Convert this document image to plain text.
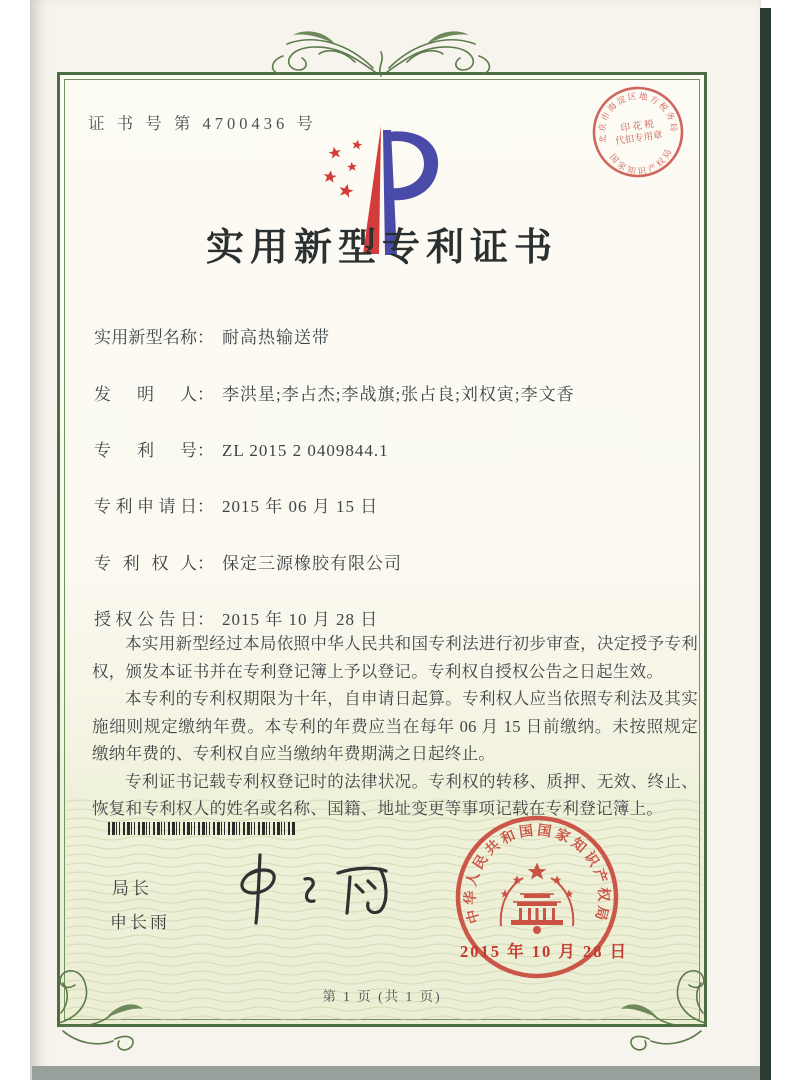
证 书 号 第 4700436 号
北京市海淀区地方税务局
国家知识产权局
印 花 税
代扣专用章
实用新型专利证书
实用新型名称： 耐高热输送带
发明人： 李洪星;李占杰;李战旗;张占良;刘权寅;李文香
专利号： ZL 2015 2 0409844.1
专利申请日： 2015 年 06 月 15 日
专利权人： 保定三源橡胶有限公司
授权公告日： 2015 年 10 月 28 日

本实用新型经过本局依照中华人民共和国专利法进行初步审查，决定授予专利权，颁发本证书并在专利登记簿上予以登记。专利权自授权公告之日起生效。

本专利的专利权期限为十年，自申请日起算。专利权人应当依照专利法及其实施细则规定缴纳年费。本专利的年费应当在每年 06 月 15 日前缴纳。未按照规定缴纳年费的、专利权自应当缴纳年费期满之日起终止。

专利证书记载专利权登记时的法律状况。专利权的转移、质押、无效、终止、恢复和专利权人的姓名或名称、国籍、地址变更等事项记载在专利登记簿上。

局长
申长雨	中华人民共和国国家知识产权局
2015 年 10 月 28 日
第 1 页 (共 1 页)
